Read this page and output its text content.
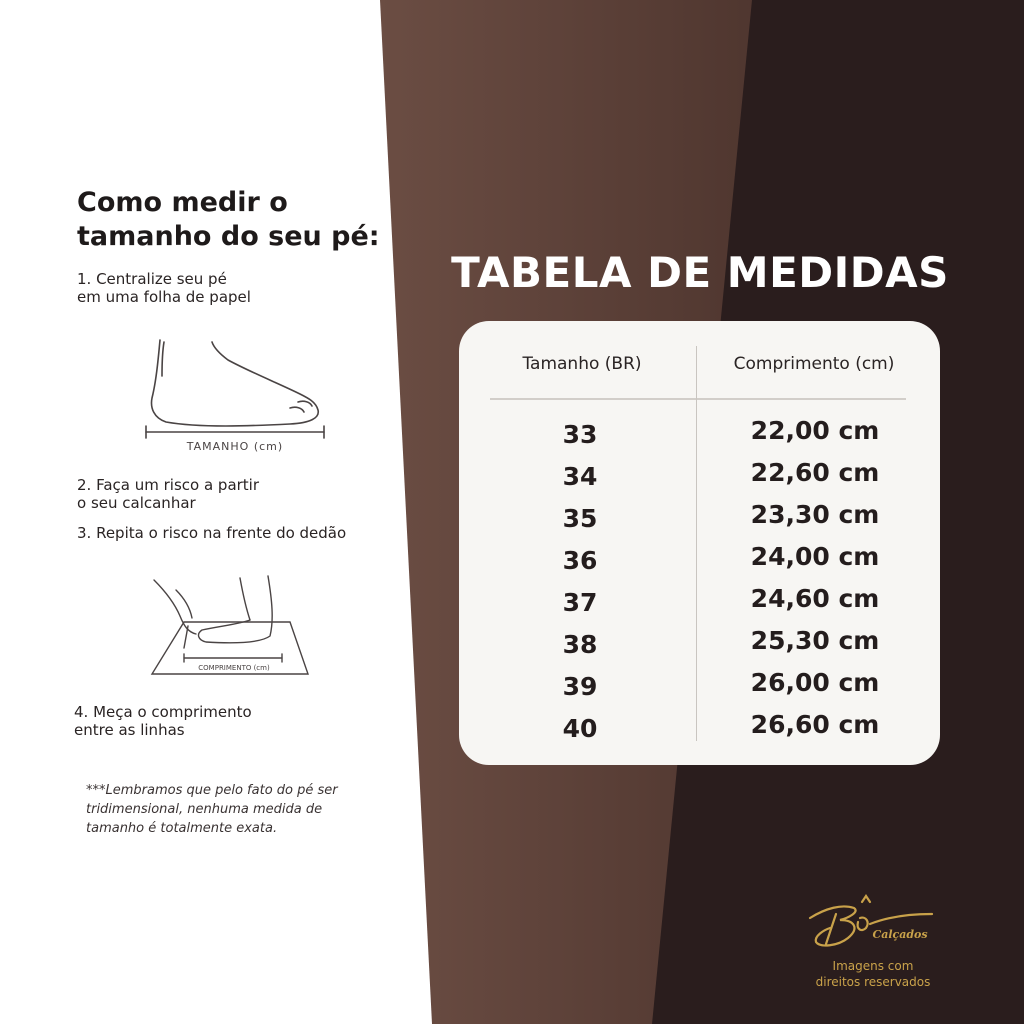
Como medir o
tamanho do seu pé:
1. Centralize seu pé
em uma folha de papel
TAMANHO (cm)
2. Faça um risco a partir
o seu calcanhar
3. Repita o risco na frente do dedão
COMPRIMENTO (cm)
4. Meça o comprimento
entre as linhas
***Lembramos que pelo fato do pé ser tridimensional, nenhuma medida de tamanho é totalmente exata.
TABELA DE MEDIDAS
Tamanho (BR)	Comprimento (cm)
33	22,00 cm
34	22,60 cm
35	23,30 cm
36	24,00 cm
37	24,60 cm
38	25,30 cm
39	26,00 cm
40	26,60 cm
Calçados
Imagens com
direitos reservados
